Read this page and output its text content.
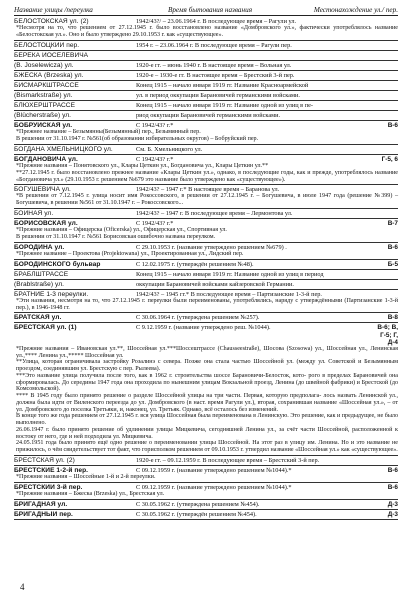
Название улицы /переулка	Время бытования названия	Местонахождение ул./ пер.
БЕЛОСТОКСКАЯ ул. (2)	1942/43?/ – 23.06.1964 г. В последующее время – Рагули ул.
*Несмотря на то, что решением от 27.12.1945 г. было восстановлено название «Домбровского ул.», фактически употреблялось название «Белостокская ул.». Оно и было утверждено 29.10.1953 г. как «существующее».
БЕЛОСТОЦКИЙ пер.	1954 г. – 23.06.1964 г. В последующее время – Рагули пер.
БЕРЕКА ЙОСЕЛЕВИЧА
(B. Joselewicza) ул.	1920-е гг. – июнь 1940 г. В настоящее время – Вольная ул.
БЖЕСКА (Brzeska) ул.	1920-е – 1930-е гг. В настоящее время – Брестский 3-й пер.
БИСМАРКШТРАССЕ	Конец 1915 – начало января 1919 гг. Название Красноармейской
(Bismarkstraße) ул.	ул. в период оккупации Барановичей германскими войсками.
БЛЮХЕРШТРАССЕ	Конец 1915 – начало января 1919 гг. Название одной из улиц в пе-
(Blücherstraße) ул.	риод оккупации Барановичей германскими войсками.
БОБРУЙСКАЯ ул.	С 1942/43? г.*	В-6
*Прежнее название – Безымянны(Безымянный) пер., Безымянный пер.
В решении от 31.10.1947 г. №561(об образовании избирательных округов) – Бобруйский пер.
БОГДАНА ХМЕЛЬНИЦКОГО ул.	См. Б. Хмельницкого ул.
БОГДАНОВИЧА ул.	С 1942/43? г.*	Г-5, 6
*Прежние названия – Понятовского ул., Клары Цеткин ул., Богдановича ул., Клары Цеткин ул.**
**27.12.1945 г. было восстановлено прежнее название «Клары Цеткин ул.», однако, в последующие годы, как и прежде, употреблялось название «Богдановича ул.» (29.10.1953 г. решением №679 это название было утверждено как «существующее»).
БОГУШЕВИЧА ул.	1942/43? – 1947 г.* В настоящее время – Баранова ул.
*В решении от 7.12.1945 г. улица носит имя Рокоссовского, в решении от 27.12.1945 г. – Богушевича, в июле 1947 года (решение №399) – Богушевича, в решении №561 от 31.10.1947 г. – Рокоссовского...
БОЙНАЯ ул.	1942/43? – 1947 г. В последующее время – Лермонтова ул.
БОРИСОВСКАЯ ул.	С 1942/43? г.*	В-7
*Прежние названия – Офицерска (Oficerska) ул., Офицерская ул., Спортивная ул.
В решении от 31.10.1947 г. №561 Борисовская ошибочно названа переулком.
БОРОДИНА ул.	С 29.10.1953 г. (название утверждено решением №679) .	В-6
*Прежнее название – Проектова (Projektowana) ул., Проектированная ул., Лидский пер.
БОРОДИНСКОГО бульвар	С 12.02.1975 г. (утверждён решением №48).	Б-5
БРАБЛШТРАССЕ	Конец 1915 – начало января 1919 гг. Название одной из улиц в период
(Brablstraße) ул.	оккупации Барановичей войсками кайзеровской Германии.
БРАТНИЕ 1-3 переулки.	1942/43? – 1945 гг.* В последующее время – Партизанские 1-3-й пер.
*Эти названия, несмотря на то, что 27.12.1945 г. переулки были переименованы, употреблялись, наряду с утверждёнными (Партизанские 1-3-й пер.), в 1946-1948 гг.
БРАТСКАЯ ул.	С 30.06.1964 г. (утверждена решением №257).	В-8
БРЕСТСКАЯ ул. (1)	С 9.12.1959 г. (название утверждено реш. №1044).	В-6; В, Г-5; Г, Д-4
*Прежние названия – Ивановская ул.**, Шоссейная ул.***Шоссештрассе (Chausseestraße), Шосова (Szosowa) ул., Шоссейная ул., Ленинская ул.,**** Ленина ул.,***** Шоссейная ул.
**Улица, которая ограничивала застройку Розалинэ с севера. Позже она стала частью Шоссейной ул. (между ул. Советской и Безымянным проездом, соединявшим ул. Брестскую с пер. Рылеева).
***Это название улица получила после того, как в 1962 г. строительства шоссе Барановичи-Белосток, кото- рого в пределах Барановичей она сформировалась. До середины 1947 года она проходила по нынешним улицам Вокзальной проезд, Ленина (до швейной фабрики) и Брестской (до Комсомольской).
**** В 1945 году было принято решение о разделе Шоссейной улицы на три части. Первая, которую предполага- лось назвать Ленинской ул., должна была идти от Виленского переезда до ул. Домбровского (в наст. время Рагули ул.), вторая, сохранившая название «Шоссейная ул.», – от ул. Домбровского до поселка Третьяки, и, наконец, ул. Третьяк. Однако, всё осталось без изменений.
В конце того же года решением от 27.12.1945 г. вся улица Шоссейная была переименована в Ленинскую. Это решение, как и предыдущее, не было выполнено.
26.06.1947 г. было принято решение об удлинении улицы Мицкевича, сегодняшней Ленина ул., за счёт части Шоссейной, расположенной к востоку от него, где и ней подходила ул. Мицкевича.
24.05.1951 года было принято ещё одно решение о переименовании улицы Шоссейной. На этот раз в улицу им. Ленина. Но и это название не прижилось, о чём свидетельствует тот факт, что горисполком решением от 09.10.1953 г. утвердил название «Шоссейная ул.» как «существующее».
БРЕСТСКАЯ ул. (2)	1920-е гг. – 09.12.1959 г. В последующее время – Брестский 3-й пер.
БРЕСТСКИЕ 1-2-й пер.	С 09.12.1959 г. (название утверждено решением №1044).*	В-6
*Прежние названия – Шоссейные 1-й и 2-й переулки.
БРЕСТСКИЙ 3-й пер.	С 09.12.1959 г. (название утверждено решением №1044).*	В-6
*Прежние названия – Бжеска (Brzeska) ул., Брестская ул.
БРИГАДНАЯ ул.	С 30.05.1962 г. (утверждена решением №454).	Д-3
БРИГАДНЫЙ пер.	С 30.05.1962 г. (утверждён решением №454).	Д-3
4
